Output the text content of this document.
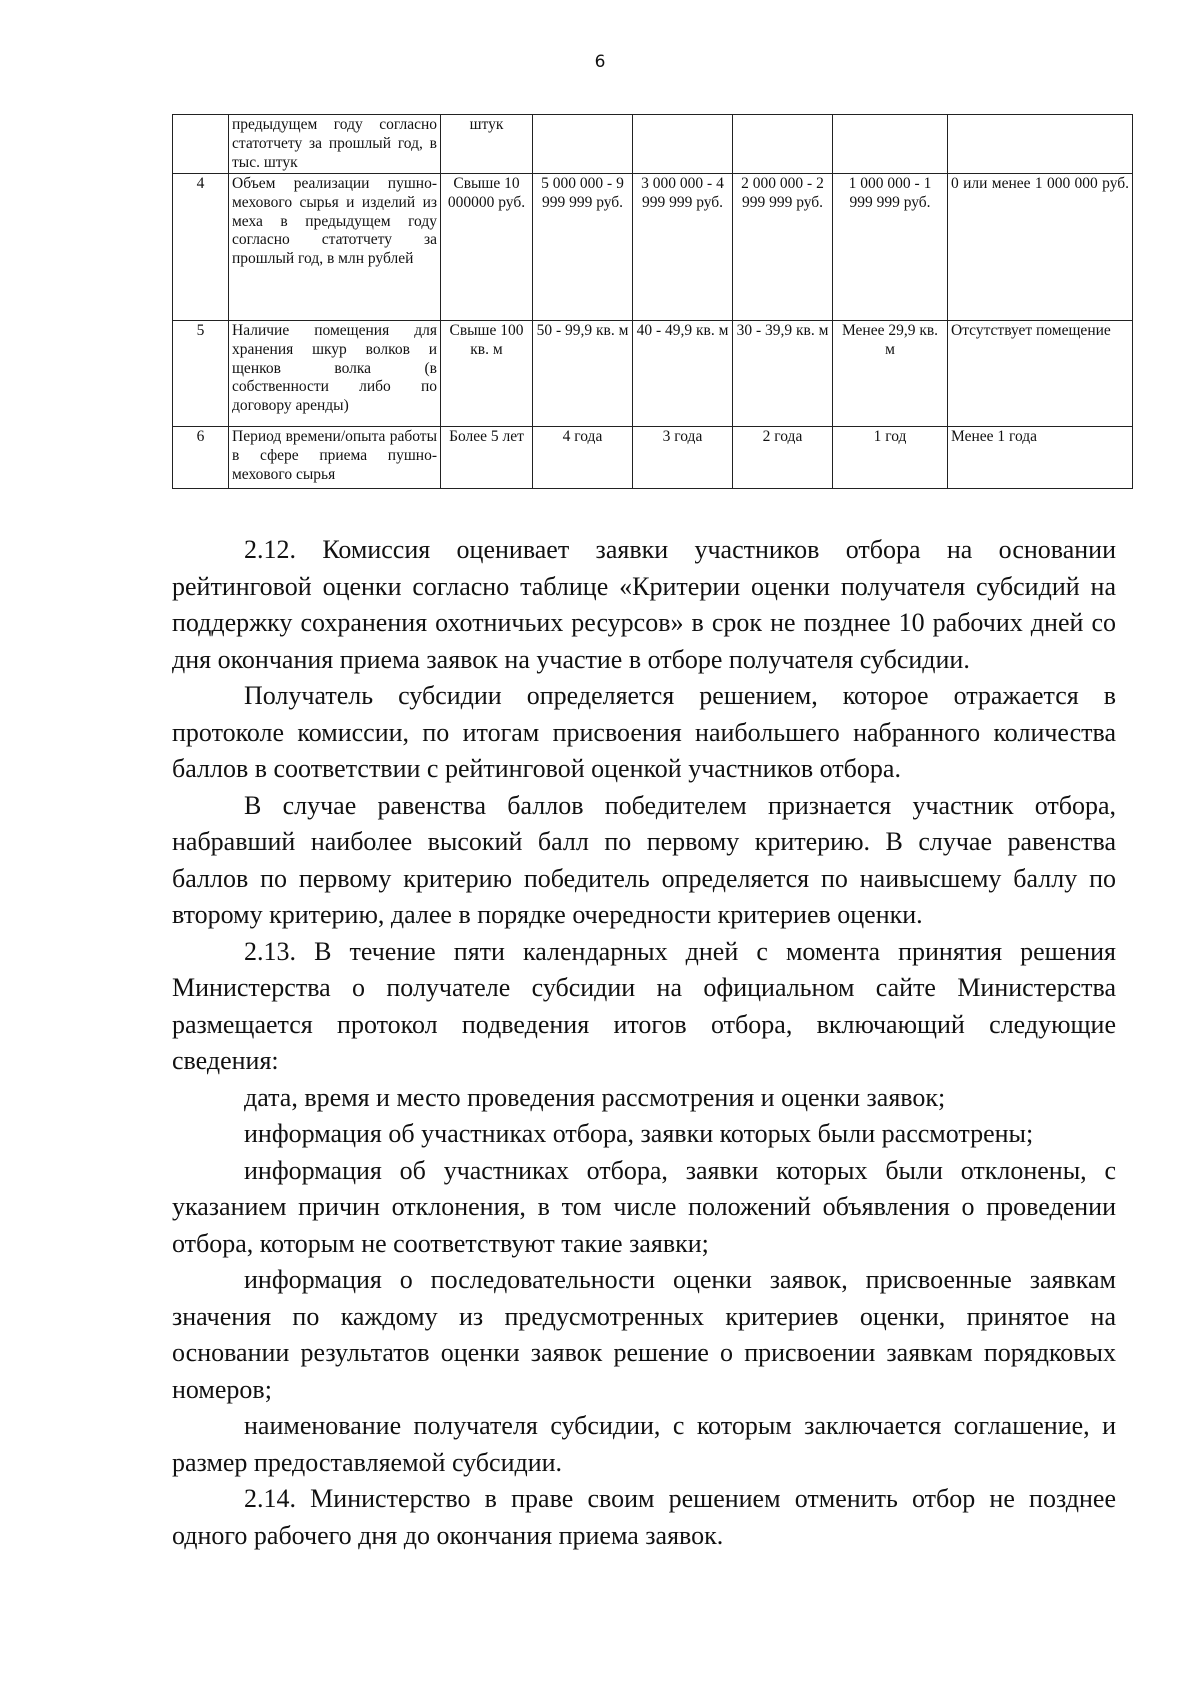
6
	предыдущем году согласно статотчету за прошлый год, в тыс. штук	штук					
4	Объем реализации пушно-мехового сырья и изделий из меха в предыдущем году согласно статотчету за прошлый год, в млн рублей	Свыше 10 000000 руб.	5 000 000 - 9 999 999 руб.	3 000 000 - 4 999 999 руб.	2 000 000 - 2 999 999 руб.	1 000 000 - 1 999 999 руб.	0 или менее 1 000 000 руб.
5	Наличие помещения для хранения шкур волков и щенков волка (в собственности либо по договору аренды)	Свыше 100 кв. м	50 - 99,9 кв. м	40 - 49,9 кв. м	30 - 39,9 кв. м	Менее 29,9 кв. м	Отсутствует помещение
6	Период времени/опыта работы в сфере приема пушно-мехового сырья	Более 5 лет	4 года	3 года	2 года	1 год	Менее 1 года

2.12. Комиссия оценивает заявки участников отбора на основании рейтинговой оценки согласно таблице «Критерии оценки получателя субсидий на поддержку сохранения охотничьих ресурсов» в срок не позднее 10 рабочих дней со дня окончания приема заявок на участие в отборе получателя субсидии.

Получатель субсидии определяется решением, которое отражается в протоколе комиссии, по итогам присвоения наибольшего набранного количества баллов в соответствии с рейтинговой оценкой участников отбора.

В случае равенства баллов победителем признается участник отбора, набравший наиболее высокий балл по первому критерию. В случае равенства баллов по первому критерию победитель определяется по наивысшему баллу по второму критерию, далее в порядке очередности критериев оценки.

2.13. В течение пяти календарных дней с момента принятия решения Министерства о получателе субсидии на официальном сайте Министерства размещается протокол подведения итогов отбора, включающий следующие сведения:

дата, время и место проведения рассмотрения и оценки заявок;

информация об участниках отбора, заявки которых были рассмотрены;

информация об участниках отбора, заявки которых были отклонены, с указанием причин отклонения, в том числе положений объявления о проведении отбора, которым не соответствуют такие заявки;

информация о последовательности оценки заявок, присвоенные заявкам значения по каждому из предусмотренных критериев оценки, принятое на основании результатов оценки заявок решение о присвоении заявкам порядковых номеров;

наименование получателя субсидии, с которым заключается соглашение, и размер предоставляемой субсидии.

2.14. Министерство в праве своим решением отменить отбор не позднее одного рабочего дня до окончания приема заявок.
